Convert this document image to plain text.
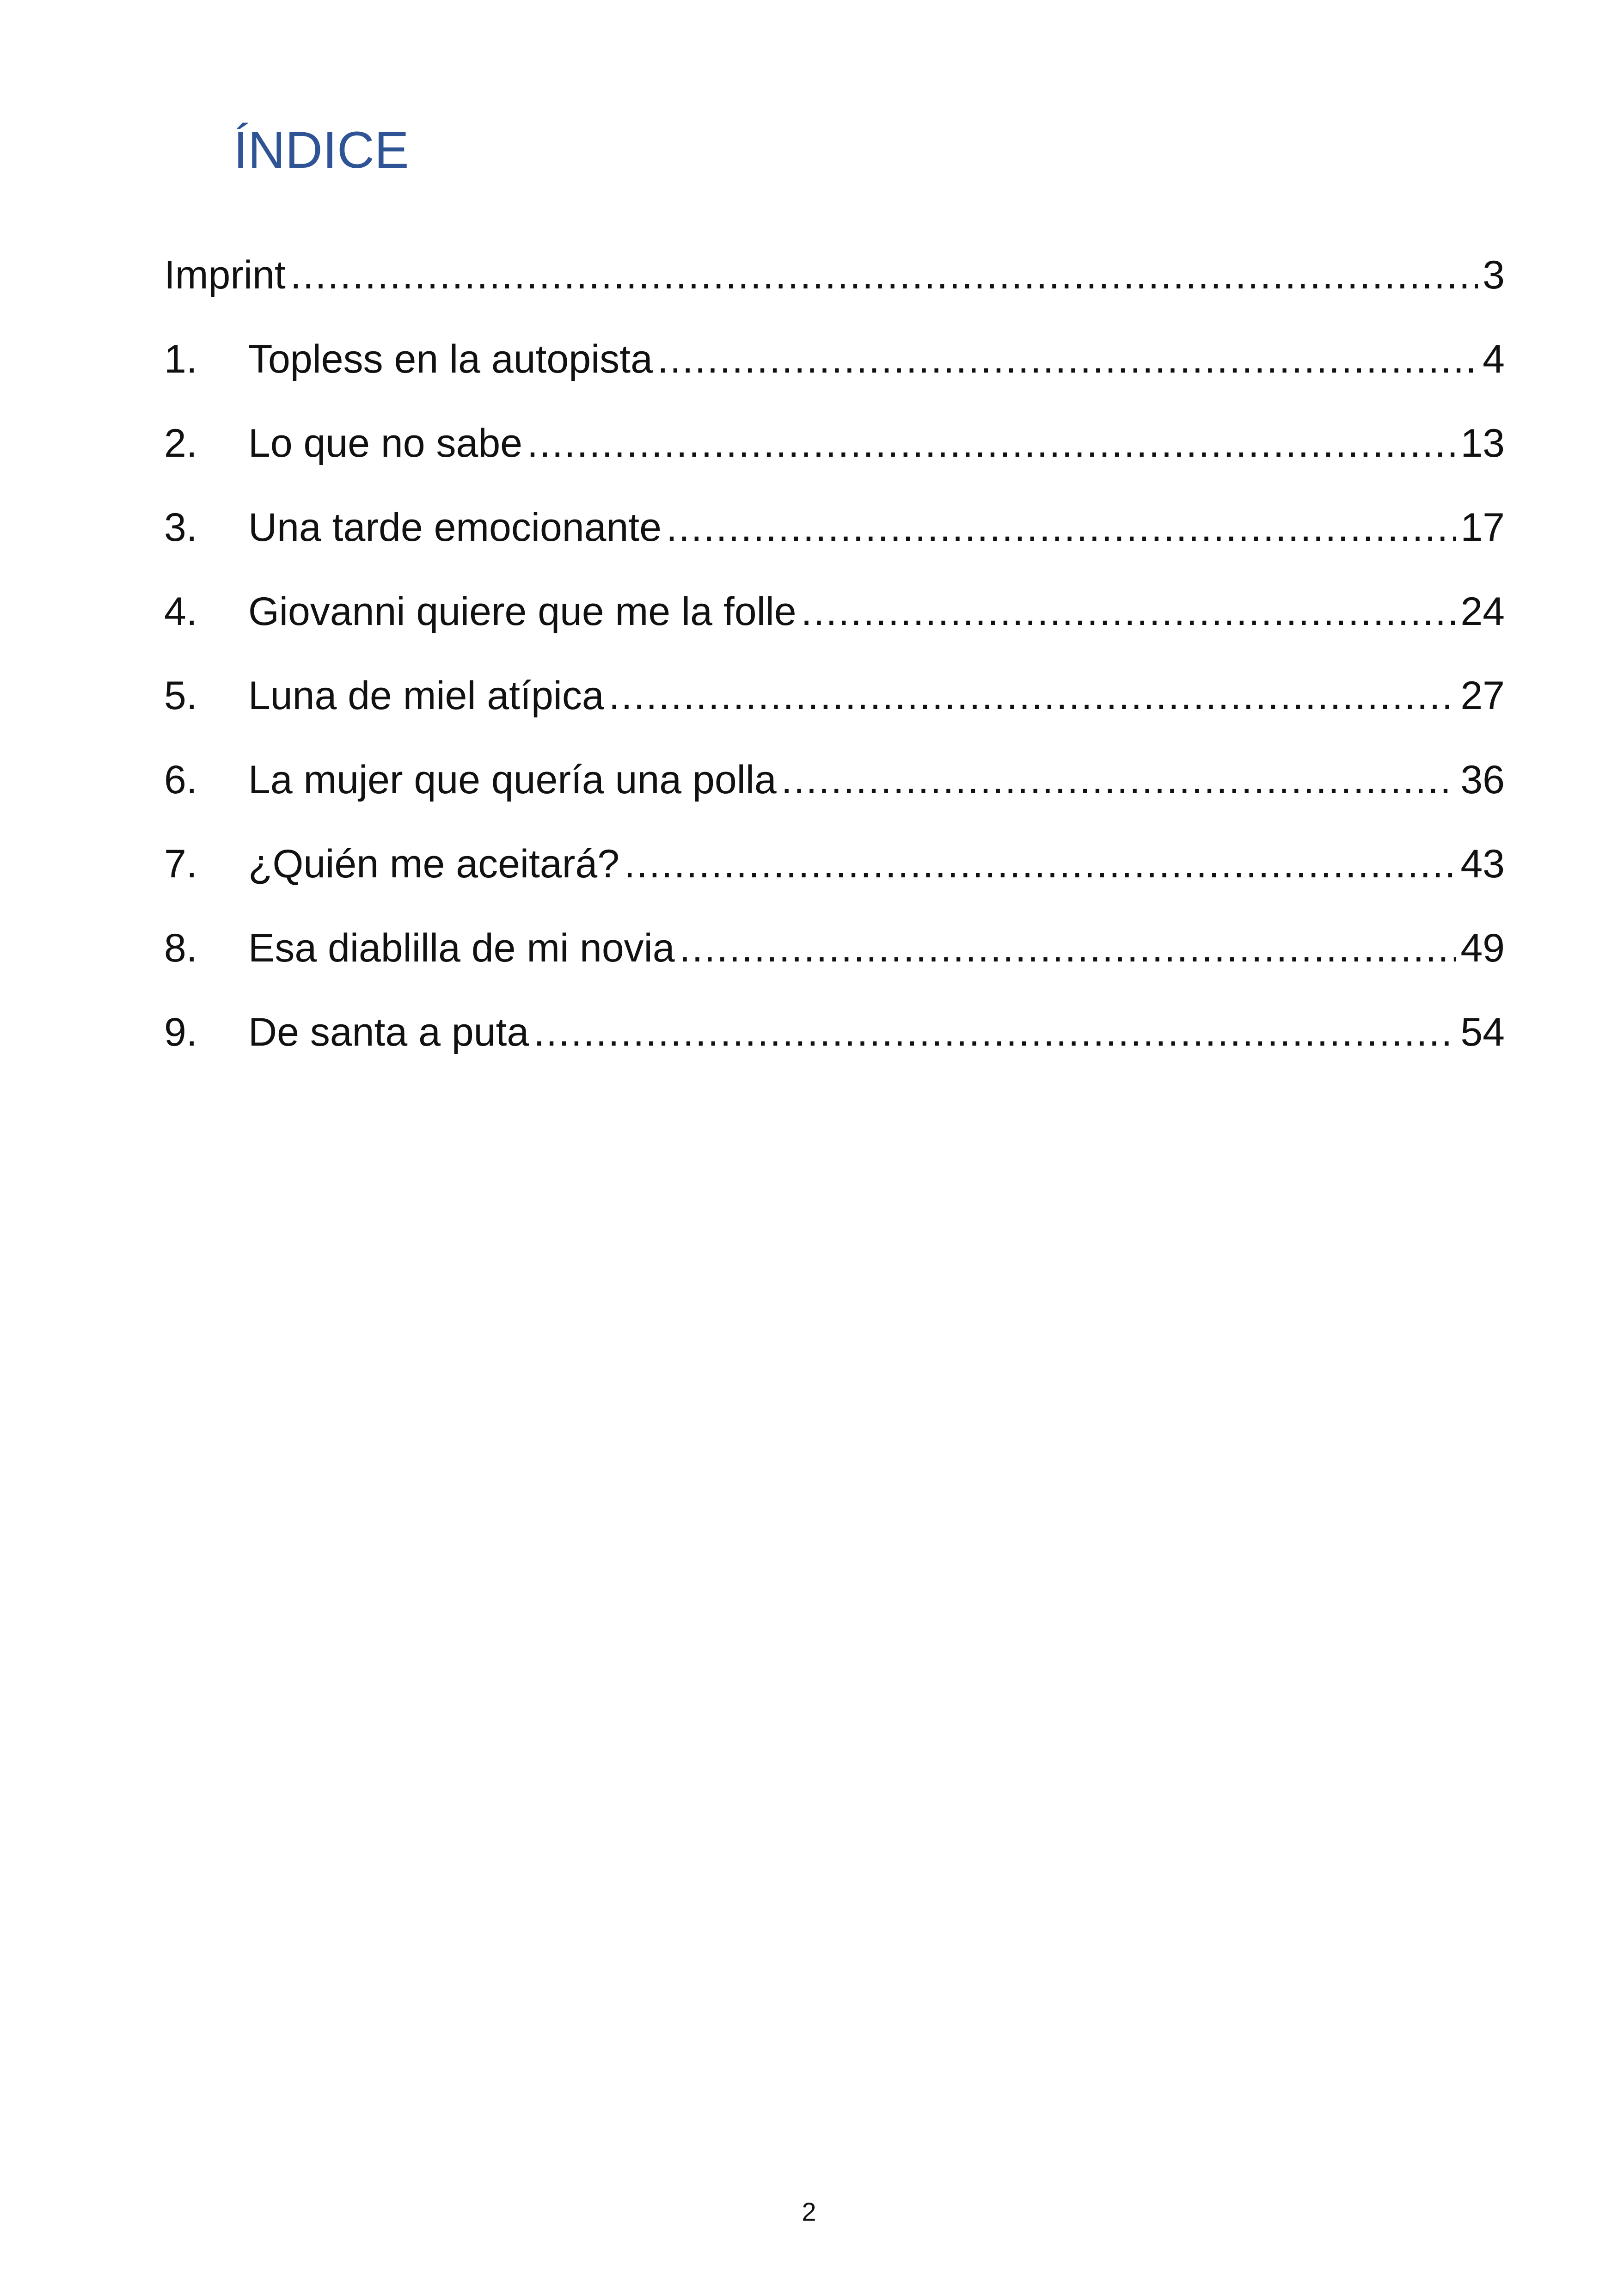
ÍNDICE
Imprint .....	3
1.	Topless en la autopista .....	4
2.	Lo que no sabe .....	13
3.	Una tarde emocionante .....	17
4.	Giovanni quiere que me la folle .....	24
5.	Luna de miel atípica .....	27
6.	La mujer que quería una polla .....	36
7.	¿Quién me aceitará? .....	43
8.	Esa diablilla de mi novia .....	49
9.	De santa a puta .....	54
2
